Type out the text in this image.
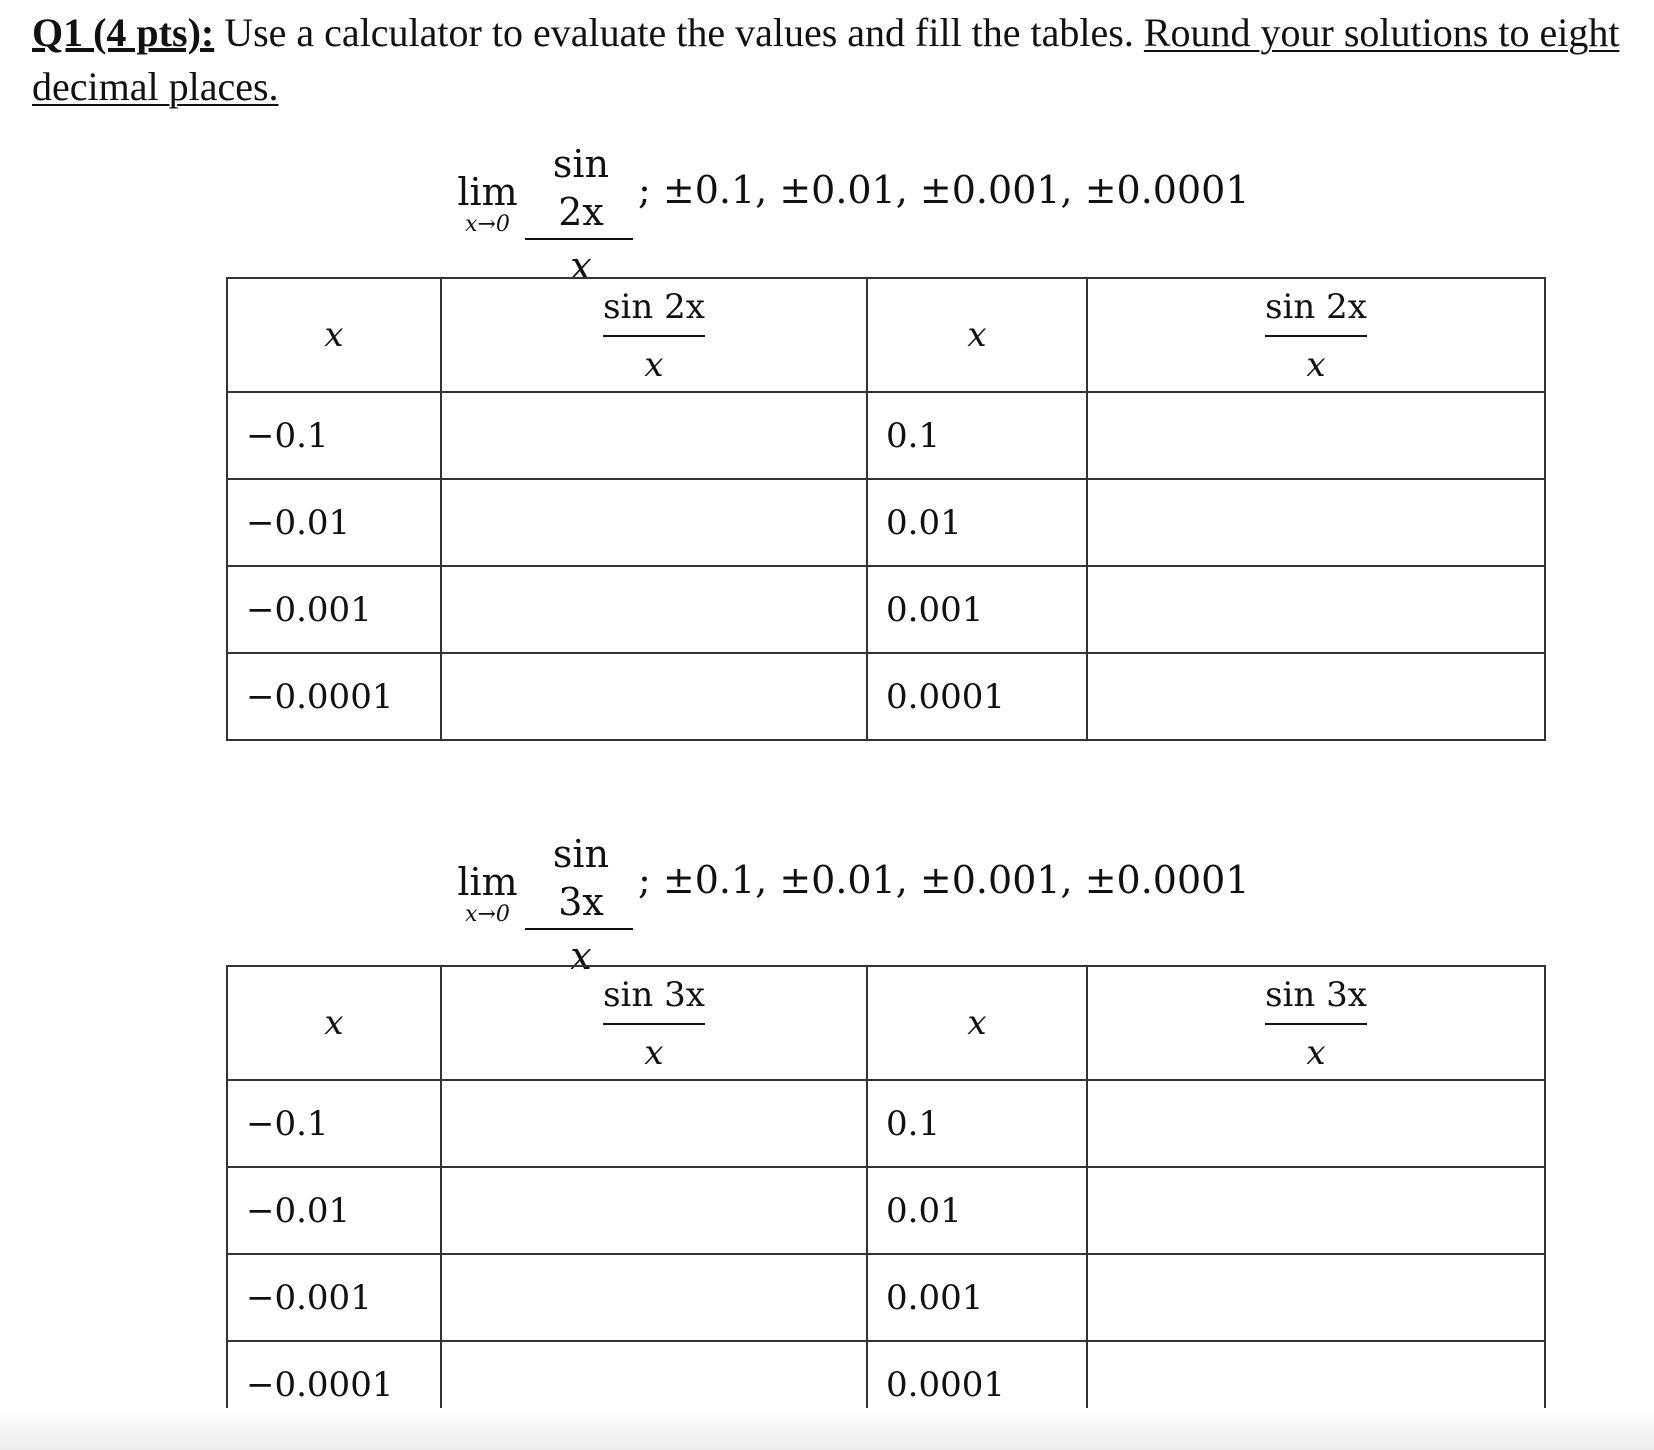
Q1 (4 pts): Use a calculator to evaluate the values and fill the tables. Round your solutions to eight decimal places.
lim
x→0
sin 2x
x
; ±0.1, ±0.01, ±0.001, ±0.0001
x	$\frac{\sin 2x}{x}$	x	$\frac{\sin 2x}{x}$

−0.1		0.1	
−0.01		0.01	
−0.001		0.001	
−0.0001		0.0001	
lim
x→0
sin 3x
x
; ±0.1, ±0.01, ±0.001, ±0.0001
x	$\frac{\sin 3x}{x}$	x	$\frac{\sin 3x}{x}$

−0.1		0.1	
−0.01		0.01	
−0.001		0.001	
−0.0001		0.0001	
